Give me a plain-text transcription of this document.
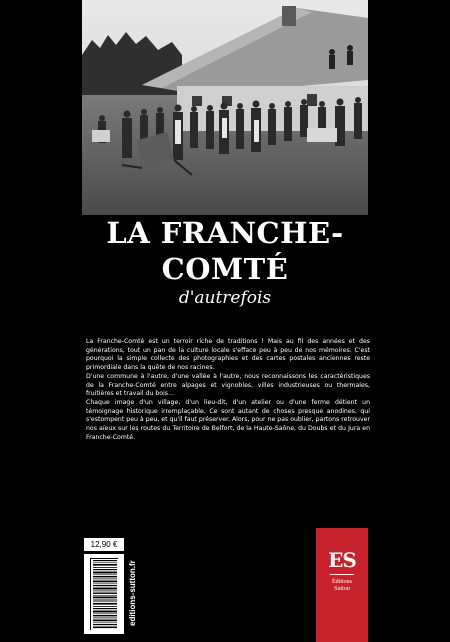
LA FRANCHE-
COMTÉ
d'autrefois

La Franche-Comté est un terroir riche de traditions ! Mais au fil des années et des générations, tout un pan de la culture locale s'efface peu à peu de nos mémoires. C'est pourquoi la simple collecte des photographies et des cartes postales anciennes reste primordiale dans la quête de nos racines.

D'une commune à l'autre, d'une vallée à l'autre, nous reconnaissons les caractéristiques de la Franche-Comté entre alpages et vignobles, villes industrieuses ou thermales, fruitières et travail du bois…

Chaque image d'un village, d'un lieu-dit, d'un atelier ou d'une ferme détient un témoignage historique irremplaçable. Ce sont autant de choses presque anodines, qui s'estompent peu à peu, et qu'il faut préserver. Alors, pour ne pas oublier, partons retrouver nos aïeux sur les routes du Territoire de Belfort, de la Haute-Saône, du Doubs et du Jura en Franche-Comté.

12,90 €
editions-sutton.fr
ES
Éditions
Sutton
